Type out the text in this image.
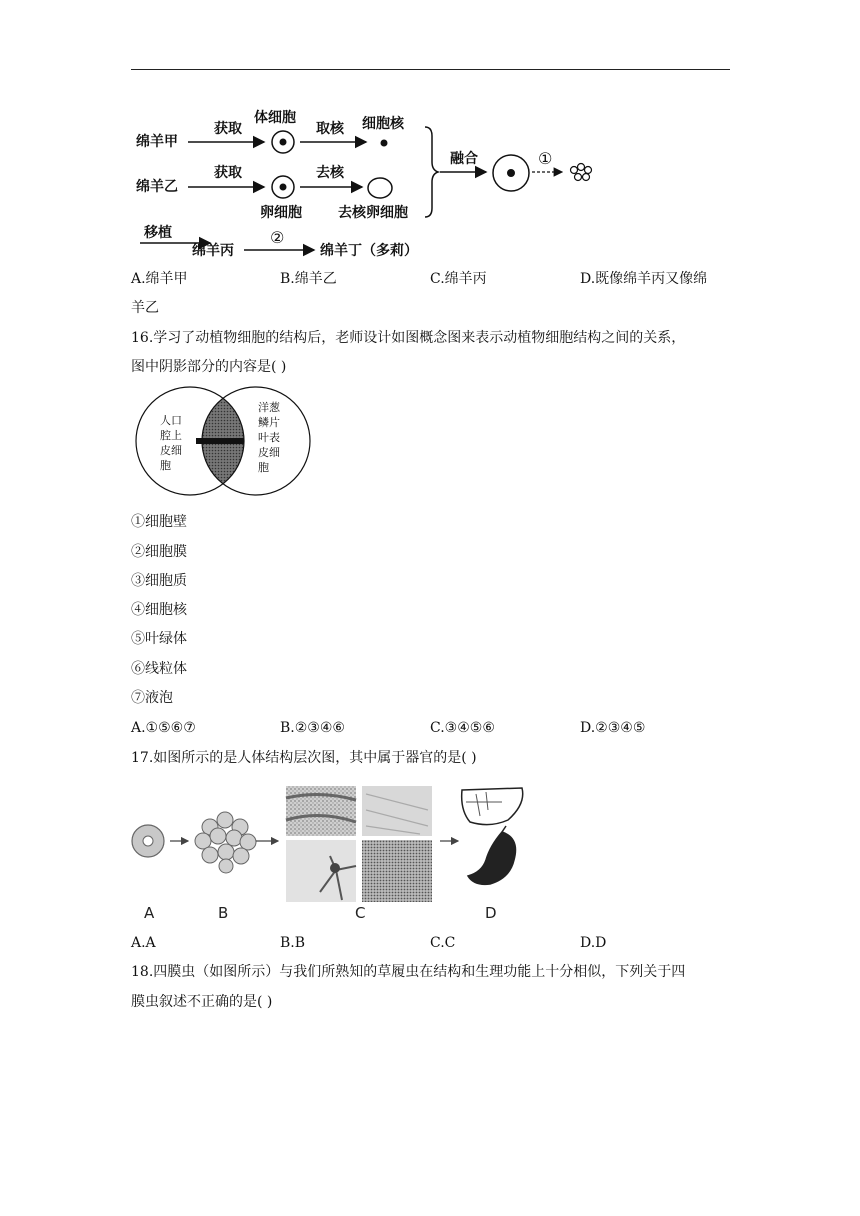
绵羊甲
获取
体细胞
取核 细胞核
绵羊乙
获取
卵细胞
去核
去核卵细胞
融合	①
移植
绵羊丙
②
绵羊丁（多莉）
A.绵羊甲	B.绵羊乙	C.绵羊丙	D.既像绵羊丙又像绵
羊乙
16.学习了动植物细胞的结构后，老师设计如图概念图来表示动植物细胞结构之间的关系，
图中阴影部分的内容是( )
人口
腔上
皮细
胞
洋葱
鳞片
叶表
皮细
胞
①细胞壁
②细胞膜
③细胞质
④细胞核
⑤叶绿体
⑥线粒体
⑦液泡
A.①⑤⑥⑦	B.②③④⑥	C.③④⑤⑥	D.②③④⑤
17.如图所示的是人体结构层次图，其中属于器官的是( )
A	B	C	D
A.A	B.B	C.C	D.D
18.四膜虫（如图所示）与我们所熟知的草履虫在结构和生理功能上十分相似，下列关于四
膜虫叙述不正确的是( )
